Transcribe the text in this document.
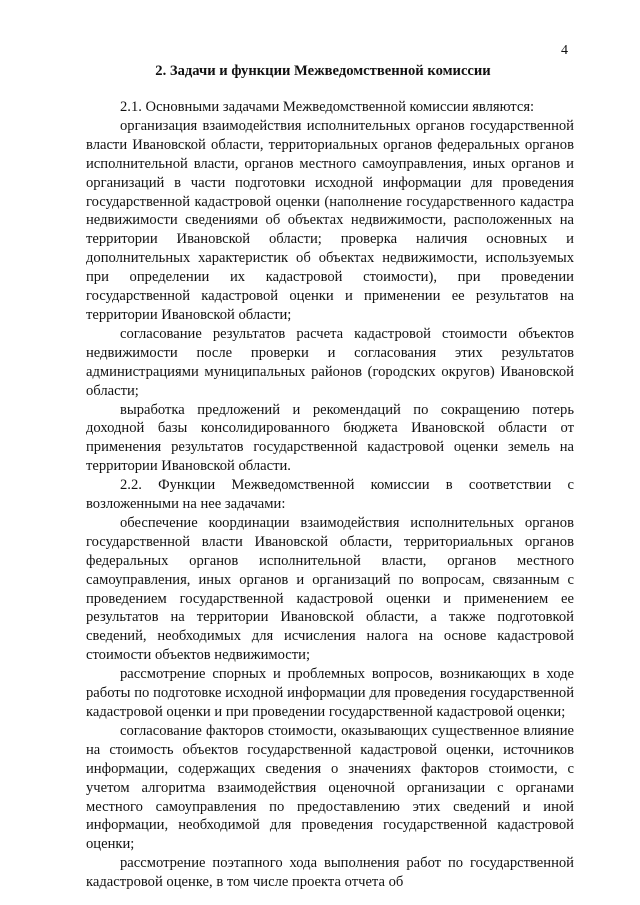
4
2. Задачи и функции Межведомственной комиссии

2.1. Основными задачами Межведомственной комиссии являются:

организация взаимодействия исполнительных органов государственной власти Ивановской области, территориальных органов федеральных органов исполнительной власти, органов местного самоуправления, иных органов и организаций в части подготовки исходной информации для проведения государственной кадастровой оценки (наполнение государственного кадастра недвижимости сведениями об объектах недвижимости, расположенных на территории Ивановской области; проверка наличия основных и дополнительных характеристик об объектах недвижимости, используемых при определении их кадастровой стоимости), при проведении государственной кадастровой оценки и применении ее результатов на территории Ивановской области;

согласование результатов расчета кадастровой стоимости объектов недвижимости после проверки и согласования этих результатов администрациями муниципальных районов (городских округов) Ивановской области;

выработка предложений и рекомендаций по сокращению потерь доходной базы консолидированного бюджета Ивановской области от применения результатов государственной кадастровой оценки земель на территории Ивановской области.

2.2. Функции Межведомственной комиссии в соответствии с возложенными на нее задачами:

обеспечение координации взаимодействия исполнительных органов государственной власти Ивановской области, территориальных органов федеральных органов исполнительной власти, органов местного самоуправления, иных органов и организаций по вопросам, связанным с проведением государственной кадастровой оценки и применением ее результатов на территории Ивановской области, а также подготовкой сведений, необходимых для исчисления налога на основе кадастровой стоимости объектов недвижимости;

рассмотрение спорных и проблемных вопросов, возникающих в ходе работы по подготовке исходной информации для проведения государственной кадастровой оценки и при проведении государственной кадастровой оценки;

согласование факторов стоимости, оказывающих существенное влияние на стоимость объектов государственной кадастровой оценки, источников информации, содержащих сведения о значениях факторов стоимости, с учетом алгоритма взаимодействия оценочной организации с органами местного самоуправления по предоставлению этих сведений и иной информации, необходимой для проведения государственной кадастровой оценки;

рассмотрение поэтапного хода выполнения работ по государственной кадастровой оценке, в том числе проекта отчета об
